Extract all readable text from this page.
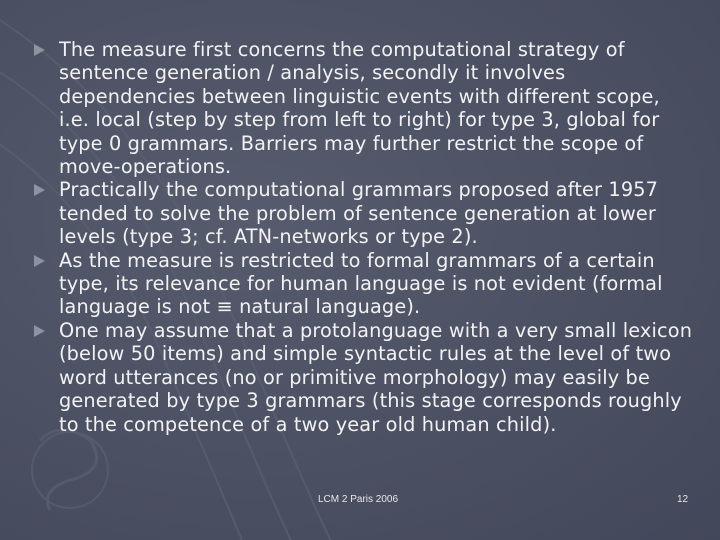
The measure first concerns the computational strategy of sentence generation / analysis, secondly it involves dependencies between linguistic events with different scope, i.e. local (step by step from left to right) for type 3, global for type 0 grammars. Barriers may further restrict the scope of move-operations.
Practically the computational grammars proposed after 1957 tended to solve the problem of sentence generation at lower levels (type 3; cf. ATN-networks or type 2).
As the measure is restricted to formal grammars of a certain type, its relevance for human language is not evident (formal language is not ≡ natural language).
One may assume that a protolanguage with a very small lexicon (below 50 items) and simple syntactic rules at the level of two word utterances (no or primitive morphology) may easily be generated by type 3 grammars (this stage corresponds roughly to the competence of a two year old human child).
LCM 2 Paris 2006	12
